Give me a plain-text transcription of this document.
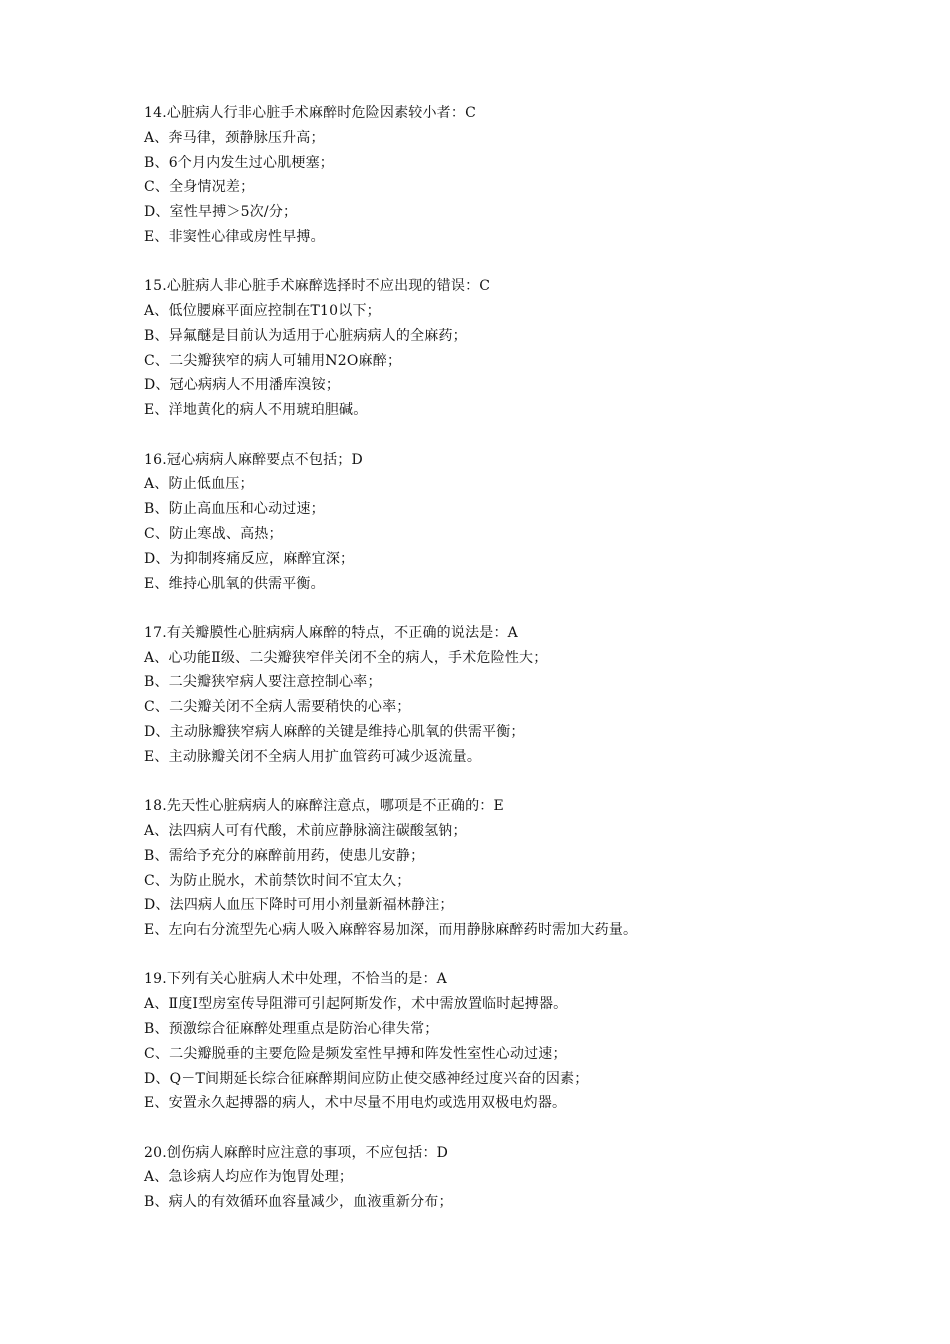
14.心脏病人行非心脏手术麻醉时危险因素较小者：C
A、奔马律，颈静脉压升高；
B、6个月内发生过心肌梗塞；
C、全身情况差；
D、室性早搏＞5次/分；
E、非窦性心律或房性早搏。
15.心脏病人非心脏手术麻醉选择时不应出现的错误：C
A、低位腰麻平面应控制在T10以下；
B、异氟醚是目前认为适用于心脏病病人的全麻药；
C、二尖瓣狭窄的病人可辅用N2O麻醉；
D、冠心病病人不用潘库溴铵；
E、洋地黄化的病人不用琥珀胆碱。
16.冠心病病人麻醉要点不包括；D
A、防止低血压；
B、防止高血压和心动过速；
C、防止寒战、高热；
D、为抑制疼痛反应，麻醉宜深；
E、维持心肌氧的供需平衡。
17.有关瓣膜性心脏病病人麻醉的特点，不正确的说法是：A
A、心功能Ⅱ级、二尖瓣狭窄伴关闭不全的病人，手术危险性大；
B、二尖瓣狭窄病人要注意控制心率；
C、二尖瓣关闭不全病人需要稍快的心率；
D、主动脉瓣狭窄病人麻醉的关键是维持心肌氧的供需平衡；
E、主动脉瓣关闭不全病人用扩血管药可减少返流量。
18.先天性心脏病病人的麻醉注意点，哪项是不正确的：E
A、法四病人可有代酸，术前应静脉滴注碳酸氢钠；
B、需给予充分的麻醉前用药，使患儿安静；
C、为防止脱水，术前禁饮时间不宜太久；
D、法四病人血压下降时可用小剂量新福林静注；
E、左向右分流型先心病人吸入麻醉容易加深，而用静脉麻醉药时需加大药量。
19.下列有关心脏病人术中处理，不恰当的是：A
A、Ⅱ度Ⅰ型房室传导阻滞可引起阿斯发作，术中需放置临时起搏器。
B、预激综合征麻醉处理重点是防治心律失常；
C、二尖瓣脱垂的主要危险是频发室性早搏和阵发性室性心动过速；
D、Q－T间期延长综合征麻醉期间应防止使交感神经过度兴奋的因素；
E、安置永久起搏器的病人，术中尽量不用电灼或选用双极电灼器。
20.创伤病人麻醉时应注意的事项，不应包括：D
A、急诊病人均应作为饱胃处理；
B、病人的有效循环血容量减少，血液重新分布；
